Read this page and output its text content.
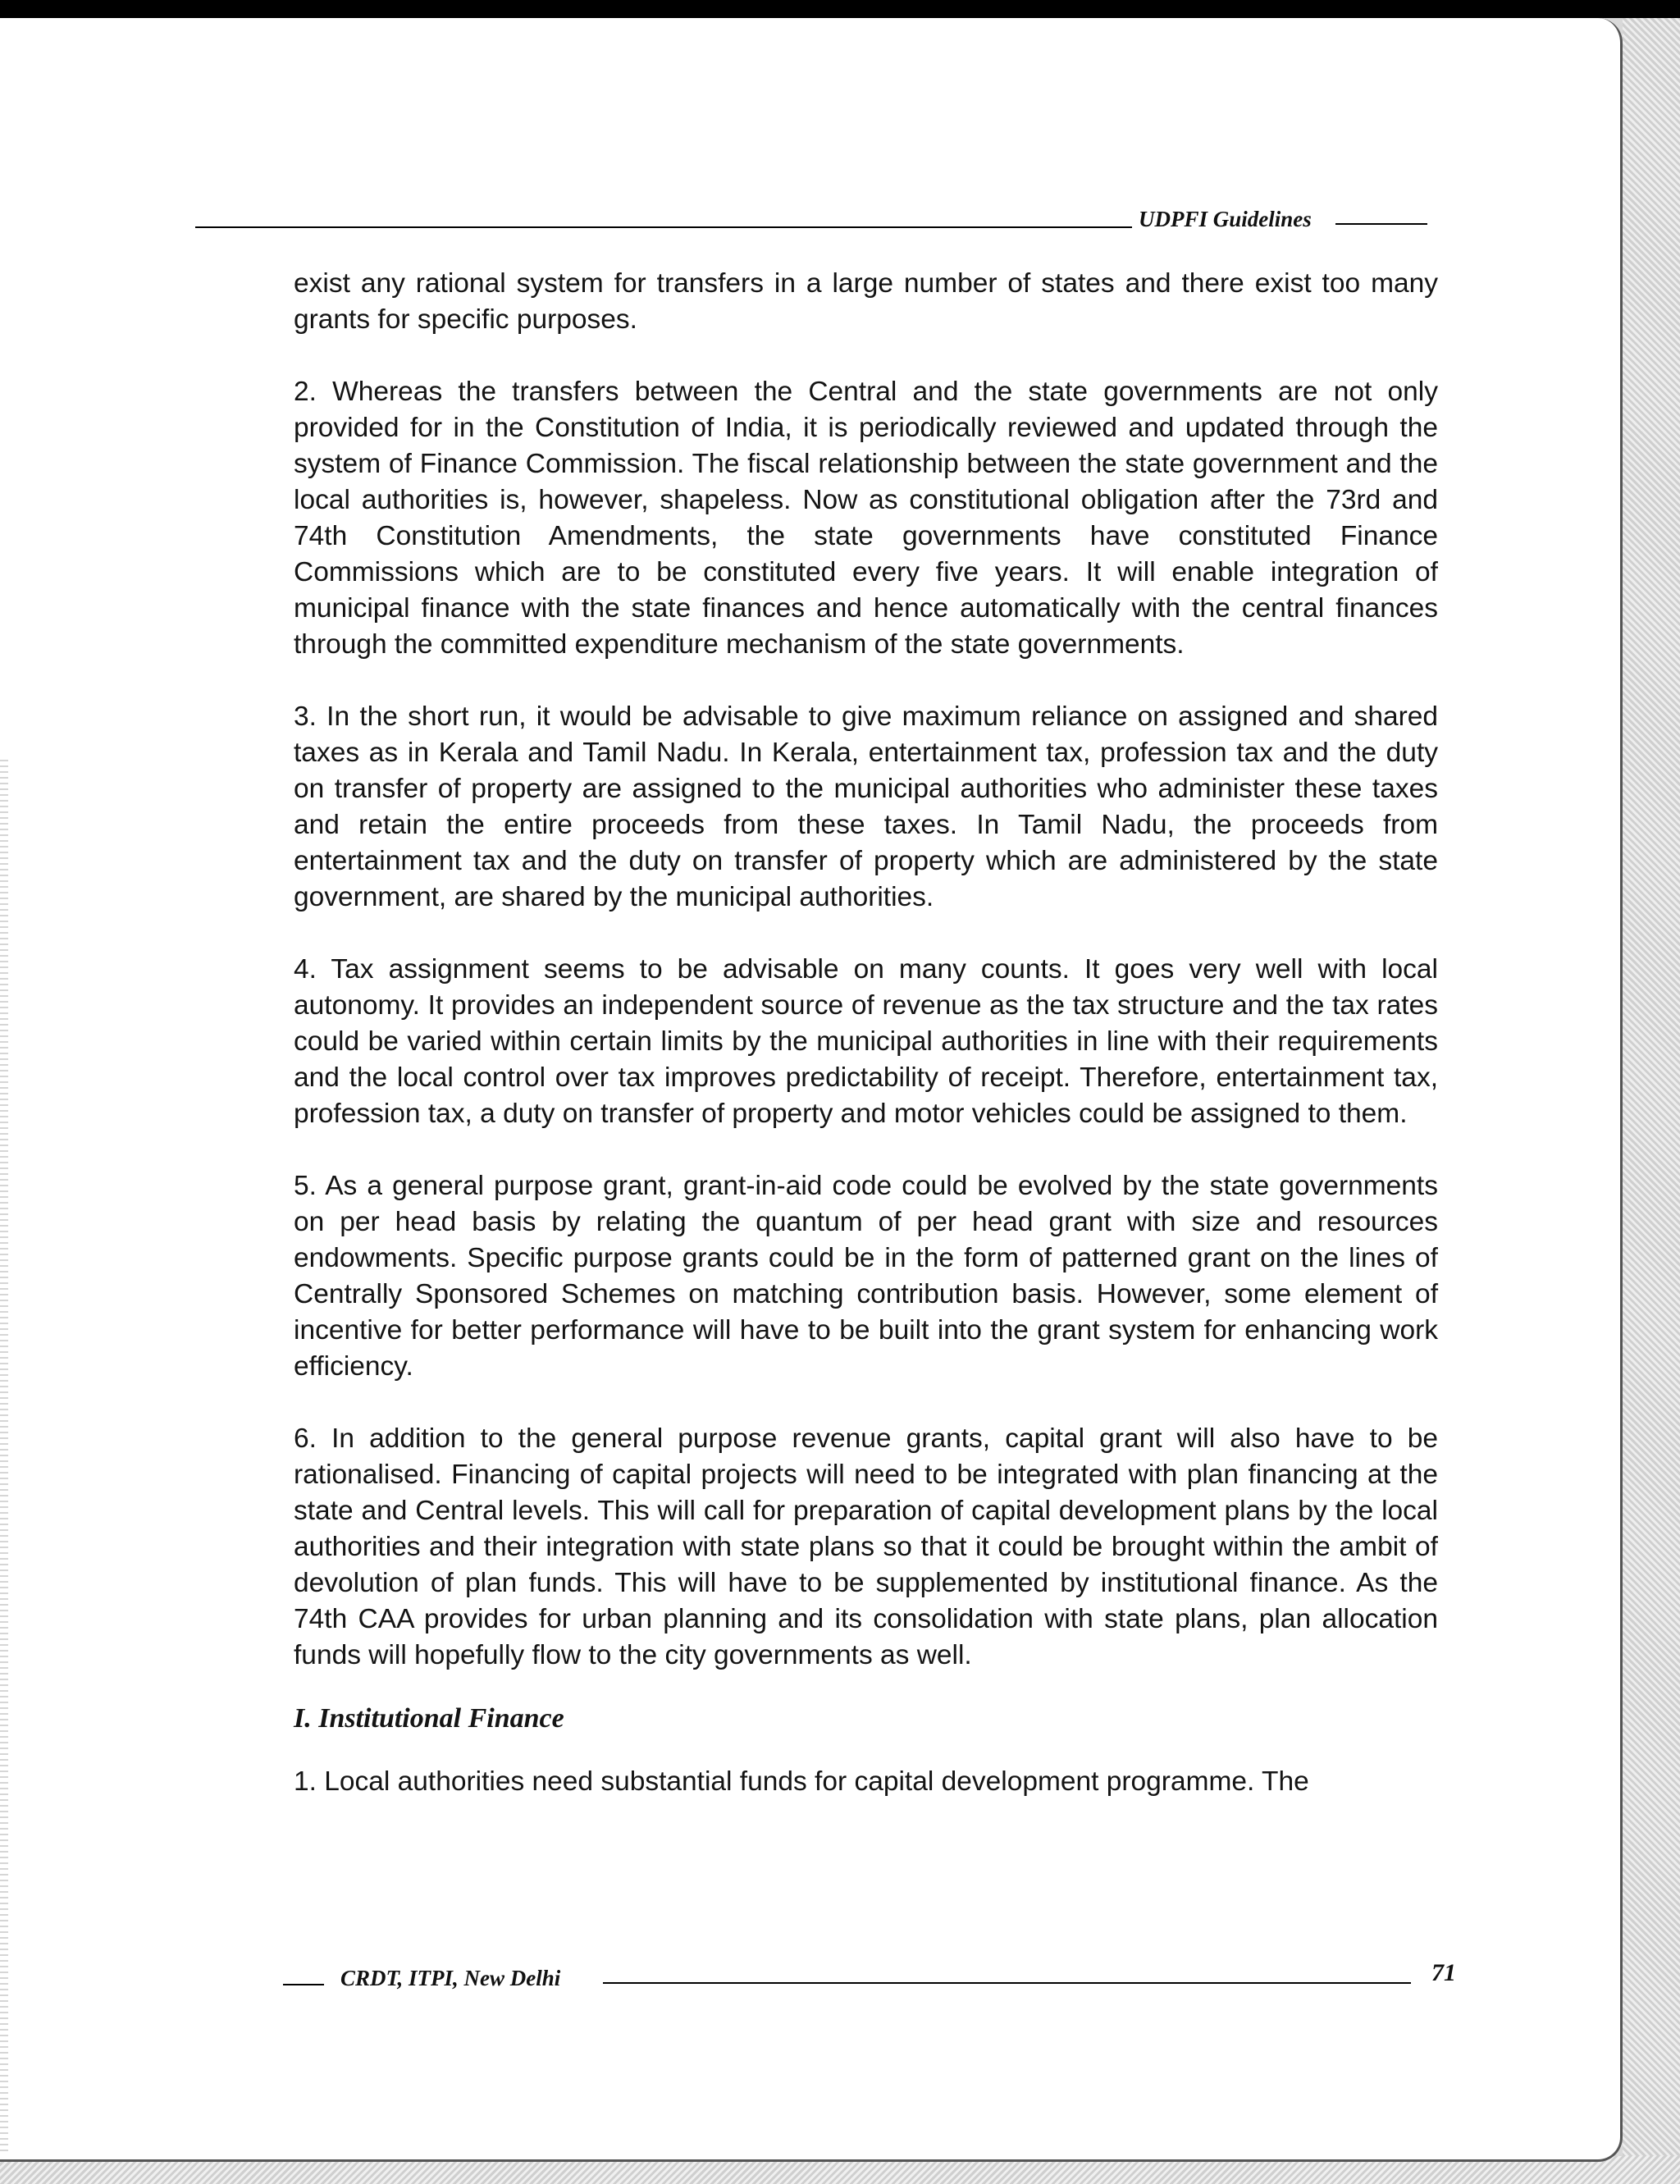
UDPFI Guidelines

exist any rational system for transfers in a large number of states and there exist too many grants for specific purposes.

2. Whereas the transfers between the Central and the state governments are not only provided for in the Constitution of India, it is periodically reviewed and updated through the system of Finance Commission. The fiscal relationship between the state government and the local authorities is, however, shapeless. Now as constitutional obligation after the 73rd and 74th Constitution Amendments, the state governments have constituted Finance Commissions which are to be constituted every five years. It will enable integration of municipal finance with the state finances and hence automatically with the central finances through the committed expenditure mechanism of the state governments.

3. In the short run, it would be advisable to give maximum reliance on assigned and shared taxes as in Kerala and Tamil Nadu. In Kerala, entertainment tax, profession tax and the duty on transfer of property are assigned to the municipal authorities who administer these taxes and retain the entire proceeds from these taxes. In Tamil Nadu, the proceeds from entertainment tax and the duty on transfer of property which are administered by the state government, are shared by the municipal authorities.

4. Tax assignment seems to be advisable on many counts. It goes very well with local autonomy. It provides an independent source of revenue as the tax structure and the tax rates could be varied within certain limits by the municipal authorities in line with their requirements and the local control over tax improves predictability of receipt. Therefore, entertainment tax, profession tax, a duty on transfer of property and motor vehicles could be assigned to them.

5. As a general purpose grant, grant-in-aid code could be evolved by the state governments on per head basis by relating the quantum of per head grant with size and resources endowments. Specific purpose grants could be in the form of patterned grant on the lines of Centrally Sponsored Schemes on matching contribution basis. However, some element of incentive for better performance will have to be built into the grant system for enhancing work efficiency.

6. In addition to the general purpose revenue grants, capital grant will also have to be rationalised. Financing of capital projects will need to be integrated with plan financing at the state and Central levels. This will call for preparation of capital development plans by the local authorities and their integration with state plans so that it could be brought within the ambit of devolution of plan funds. This will have to be supplemented by institutional finance. As the 74th CAA provides for urban planning and its consolidation with state plans, plan allocation funds will hopefully flow to the city governments as well.

I. Institutional Finance

1. Local authorities need substantial funds for capital development programme. The

CRDT, ITPI, New Delhi	71
